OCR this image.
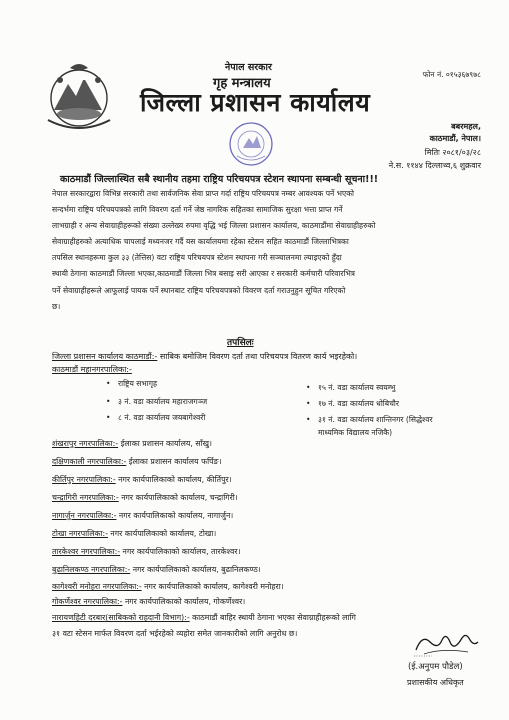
नेपाल सरकार
गृह मन्त्रालय
जिल्ला प्रशासन कार्यालय
फोन नं. ०१५३६७९७८
बबरमहल,
काठमाडौं, नेपाल।
मितिः २०८१/०३/२८
ने.स. ११४४ दिल्लाथ्व,६ शुक्रवार
काठमाडौं जिल्लास्थित सबै स्थानीय तहमा राष्ट्रिय परिचयपत्र स्टेशन स्थापना सम्बन्धी सूचना!!!
नेपाल सरकारद्वारा विभिन्न सरकारी तथा सार्वजनिक सेवा प्राप्त गर्दा राष्ट्रिय परिचयपत्र नम्बर आवश्यक पर्ने भएको
सन्दर्भमा राष्ट्रिय परिचयपत्रको लागि विवरण दर्ता गर्ने जेष्ठ नागरिक सहितका सामाजिक सुरक्षा भत्ता प्राप्त गर्ने
लाभग्राही र अन्य सेवाग्राहीहरूको संख्या उल्लेख्य रुपमा वृद्धि भई जिल्ला प्रशासन कार्यालय, काठमाडौंमा सेवाग्राहीहरुको
सेवाग्राहीहरुको अत्याधिक चापलाई मध्यनजर गर्दै यस कार्यालयमा रहेका स्टेसन सहित काठमाडौं जिल्लाभित्रका
तपसिल स्थानहरूमा कुल ३३ (तेत्तिस) वटा राष्ट्रिय परिचयपत्र स्टेशन स्थापना गरी सञ्चालनमा ल्याइएको हुँदा
स्थायी ठेगाना काठमाडौं जिल्ला भएका,काठमाडौं जिल्ला भित्र बसाइ सरी आएका र सरकारी कर्मचारी परिवारभित्र
पर्ने सेवाग्राहीहरूले आफूलाई पायक पर्ने स्थानबाट राष्ट्रिय परिचयपत्रको विवरण दर्ता गराउनुहुन सूचित गरिएको
छ।
तपसिलः
जिल्ला प्रशासन कार्यालय काठमाडौं:- साबिक बमोजिम विवरण दर्ता तथा परिचयपत्र वितरण कार्य भइरहेको।
काठमाडौं महानगरपालिका:-
• राष्ट्रिय सभागृह
• ३ नं. वडा कार्यालय महाराजगञ्ज
• ८ नं. वडा कार्यालय जयबागेश्वरी
• १५ नं. वडा कार्यालय स्वयम्भु
• १७ नं. वडा कार्यालय धोबिचौर
• ३१ नं. वडा कार्यालय शान्तिनगर (सिद्धेश्वर
माध्यमिक विद्यालय नजिकै)
शंखरापुर नगरपालिका:- ईलाका प्रशासन कार्यालय, साँखु।
दक्षिणकाली नगरपालिका:- ईलाका प्रशासन कार्यालय फर्पिङ।
कीर्तिपुर नगरपालिका:- नगर कार्यपालिकाको कार्यालय, कीर्तिपुर।
चन्द्रागिरी नगरपालिका:- नगर कार्यपालिकाको कार्यालय, चन्द्रागिरी।
नागार्जुन नगरपालिका:- नगर कार्यपालिकाको कार्यालय, नागार्जुन।
टोखा नगरपालिका:- नगर कार्यपालिकाको कार्यालय, टोखा।
तारकेश्वर नगरपालिका:- नगर कार्यपालिकाको कार्यालय, तारकेश्वर।
बुढानिलकण्ठ नगरपालिका:- नगर कार्यपालिकाको कार्यालय, बुढानिलकण्ठ।
कागेश्वरी मनोहरा नगरपालिका:- नगर कार्यपालिकाको कार्यालय, कागेश्वरी मनोहरा।
गोकर्णेश्वर नगरपालिका:- नगर कार्यपालिकाको कार्यालय, गोकर्णेश्वर।
नारायणहिटी दरबार(साबिकको राहदानी विभाग):- काठमाडौं बाहिर स्थायी ठेगाना भएका सेवाग्राहीहरूको लागि
३१ वटा स्टेसन मार्फत विवरण दर्ता भईरहेको व्यहोरा समेत जानकारीको लागि अनुरोध छ।
(ई.अनुपम पौडेल)
प्रशासकीय अधिकृत
